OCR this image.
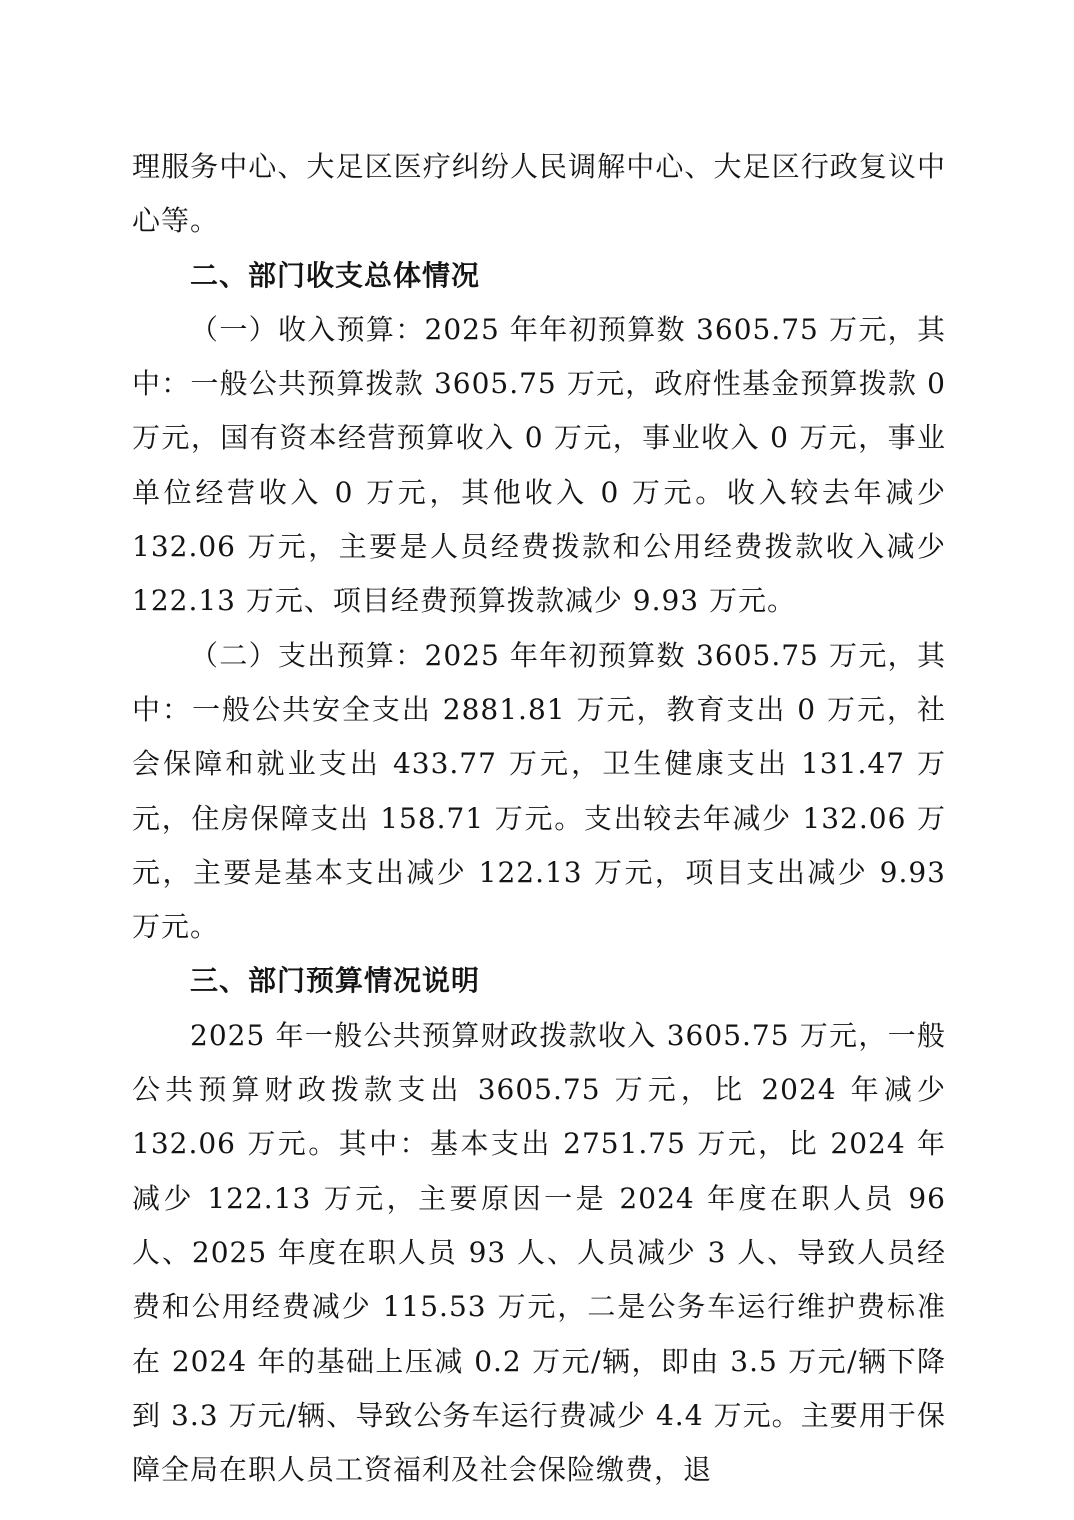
理服务中心、大足区医疗纠纷人民调解中心、大足区行政复议中心等。

二、部门收支总体情况

（一）收入预算：2025 年年初预算数 3605.75 万元，其中：一般公共预算拨款 3605.75 万元，政府性基金预算拨款 0 万元，国有资本经营预算收入 0 万元，事业收入 0 万元，事业单位经营收入 0 万元，其他收入 0 万元。收入较去年减少 132.06 万元，主要是人员经费拨款和公用经费拨款收入减少 122.13 万元、项目经费预算拨款减少 9.93 万元。

（二）支出预算：2025 年年初预算数 3605.75 万元，其中：一般公共安全支出 2881.81 万元，教育支出 0 万元，社会保障和就业支出 433.77 万元，卫生健康支出 131.47 万元，住房保障支出 158.71 万元。支出较去年减少 132.06 万元，主要是基本支出减少 122.13 万元，项目支出减少 9.93 万元。

三、部门预算情况说明

2025 年一般公共预算财政拨款收入 3605.75 万元，一般公共预算财政拨款支出 3605.75 万元，比 2024 年减少 132.06 万元。其中：基本支出 2751.75 万元，比 2024 年减少 122.13 万元，主要原因一是 2024 年度在职人员 96 人、2025 年度在职人员 93 人、人员减少 3 人、导致人员经费和公用经费减少 115.53 万元，二是公务车运行维护费标准在 2024 年的基础上压减 0.2 万元/辆，即由 3.5 万元/辆下降到 3.3 万元/辆、导致公务车运行费减少 4.4 万元。主要用于保障全局在职人员工资福利及社会保险缴费，退
